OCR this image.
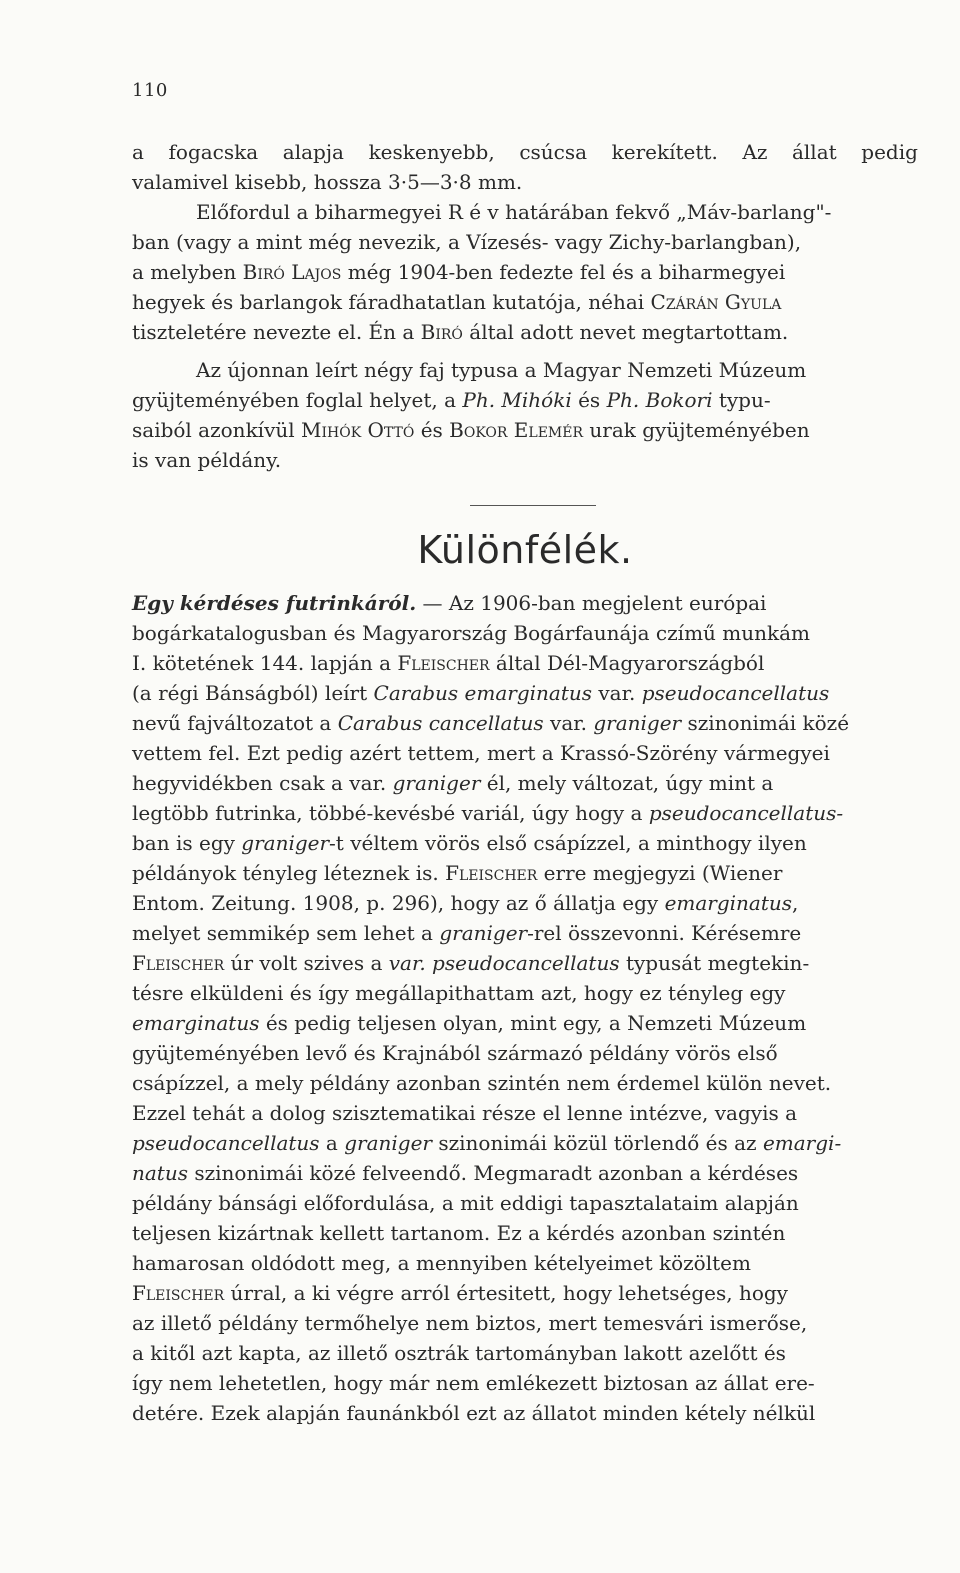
110
a fogacska alapja keskenyebb, csúcsa kerekített. Az állat pedig
valamivel kisebb, hossza 3·5—3·8 mm.
Előfordul a biharmegyei R é v határában fekvő „Máv-barlang"-
ban (vagy a mint még nevezik, a Vízesés- vagy Zichy-barlangban),
a melyben Biró Lajos még 1904-ben fedezte fel és a biharmegyei
hegyek és barlangok fáradhatatlan kutatója, néhai Czárán Gyula
tiszteletére nevezte el. Én a Biró által adott nevet megtartottam.
Az újonnan leírt négy faj typusa a Magyar Nemzeti Múzeum
gyüjteményében foglal helyet, a Ph. Mihóki és Ph. Bokori typu-
saiból azonkívül Mihók Ottó és Bokor Elemér urak gyüjteményében
is van példány.
Különfélék.
Egy kérdéses futrinkáról. — Az 1906-ban megjelent európai
bogárkatalogusban és Magyarország Bogárfaunája czímű munkám
I. kötetének 144. lapján a Fleischer által Dél-Magyarországból
(a régi Bánságból) leírt Carabus emarginatus var. pseudocancellatus
nevű fajváltozatot a Carabus cancellatus var. graniger szinonimái közé
vettem fel. Ezt pedig azért tettem, mert a Krassó-Szörény vármegyei
hegyvidékben csak a var. graniger él, mely változat, úgy mint a
legtöbb futrinka, többé-kevésbé variál, úgy hogy a pseudocancellatus-
ban is egy graniger-t véltem vörös első csápízzel, a minthogy ilyen
példányok tényleg léteznek is. Fleischer erre megjegyzi (Wiener
Entom. Zeitung. 1908, p. 296), hogy az ő állatja egy emarginatus,
melyet semmikép sem lehet a graniger-rel összevonni. Kérésemre
Fleischer úr volt szives a var. pseudocancellatus typusát megtekin-
tésre elküldeni és így megállapithattam azt, hogy ez tényleg egy
emarginatus és pedig teljesen olyan, mint egy, a Nemzeti Múzeum
gyüjteményében levő és Krajnából származó példány vörös első
csápízzel, a mely példány azonban szintén nem érdemel külön nevet.
Ezzel tehát a dolog szisztematikai része el lenne intézve, vagyis a
pseudocancellatus a graniger szinonimái közül törlendő és az emargi-
natus szinonimái közé felveendő. Megmaradt azonban a kérdéses
példány bánsági előfordulása, a mit eddigi tapasztalataim alapján
teljesen kizártnak kellett tartanom. Ez a kérdés azonban szintén
hamarosan oldódott meg, a mennyiben kételyeimet közöltem
Fleischer úrral, a ki végre arról értesitett, hogy lehetséges, hogy
az illető példány termőhelye nem biztos, mert temesvári ismerőse,
a kitől azt kapta, az illető osztrák tartományban lakott azelőtt és
így nem lehetetlen, hogy már nem emlékezett biztosan az állat ere-
detére. Ezek alapján faunánkból ezt az állatot minden kétely nélkül
